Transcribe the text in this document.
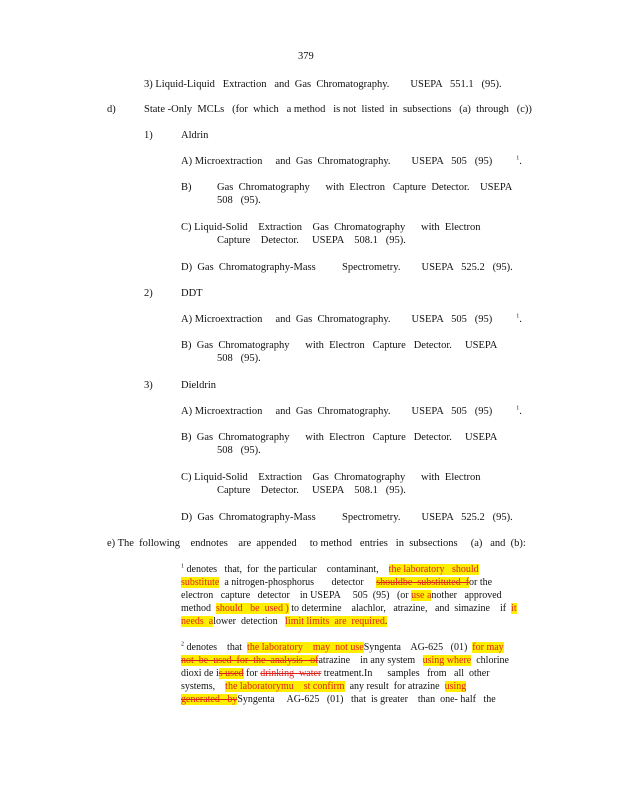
379
3) Liquid-Liquid   Extraction   and  Gas  Chromatography.        USEPA   551.1   (95).
d)	State -Only  MCLs   (for  which   a method   is not  listed  in  subsections   (a)  through   (c))
1)	Aldrin
A) Microextraction     and  Gas  Chromatography.        USEPA   505   (95)	$^1$.
B) Gas  Chromatography      with  Electron   Capture  Detector.    USEPA
508   (95).
C) Liquid-Solid    Extraction    Gas  Chromatography      with  Electron
Capture    Detector.     USEPA    508.1   (95).
D)  Gas  Chromatography-Mass          Spectrometry.        USEPA   525.2   (95).
2)	DDT
A) Microextraction     and  Gas  Chromatography.        USEPA   505   (95)	$^1$.
B)  Gas  Chromatography      with  Electron   Capture   Detector.     USEPA
508   (95).
3)	Dieldrin
A) Microextraction     and  Gas  Chromatography.        USEPA   505   (95)	$^1$.
B)  Gas  Chromatography      with  Electron   Capture   Detector.     USEPA
508   (95).
C) Liquid-Solid    Extraction    Gas  Chromatography      with  Electron
Capture    Detector.     USEPA    508.1   (95).
D)  Gas  Chromatography-Mass          Spectrometry.        USEPA   525.2   (95).
e) The  following    endnotes    are  appended     to method   entries   in  subsections     (a)   and  (b):
$^1$ denotes   that,  for  the particular    contaminant, the laboratory   should
substitute a nitrogen-phosphorus       detector shouldbe  substituted  for the
electron   capture   detector    in USEPA     505  (95)   (or use another   approved
method should   be  used ) to determine    alachlor,   atrazine,   and  simazine    if it
needs  alower  detection limit limits  are  required.
$^2$ denotes    that the laboratory    may  not useSyngenta    AG-625   (01) for may
not  be  used  for  the  analysis   ofatrazine    in any system using where chlorine
dioxi de is used for drinking  water treatment.In      samples   from   all  other
systems, the laboratorymu    st confirm any result  for atrazine using
generated   bySyngenta     AG-625   (01)   that  is greater    than  one- half   the
